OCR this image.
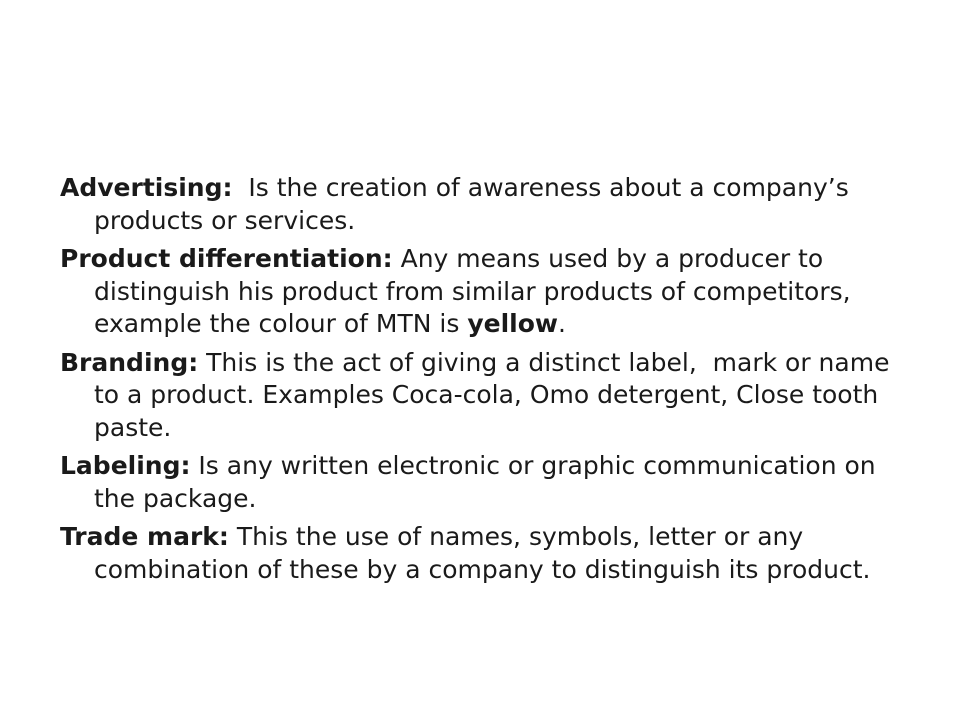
Advertising:  Is the creation of awareness about a company’s products or services.

Product differentiation: Any means used by a producer to distinguish his product from similar products of competitors, example the colour of MTN is yellow.

Branding: This is the act of giving a distinct label,  mark or name to a product. Examples Coca-cola, Omo detergent, Close tooth paste.

Labeling: Is any written electronic or graphic communication on the package.

Trade mark: This the use of names, symbols, letter or any combination of these by a company to distinguish its product.
